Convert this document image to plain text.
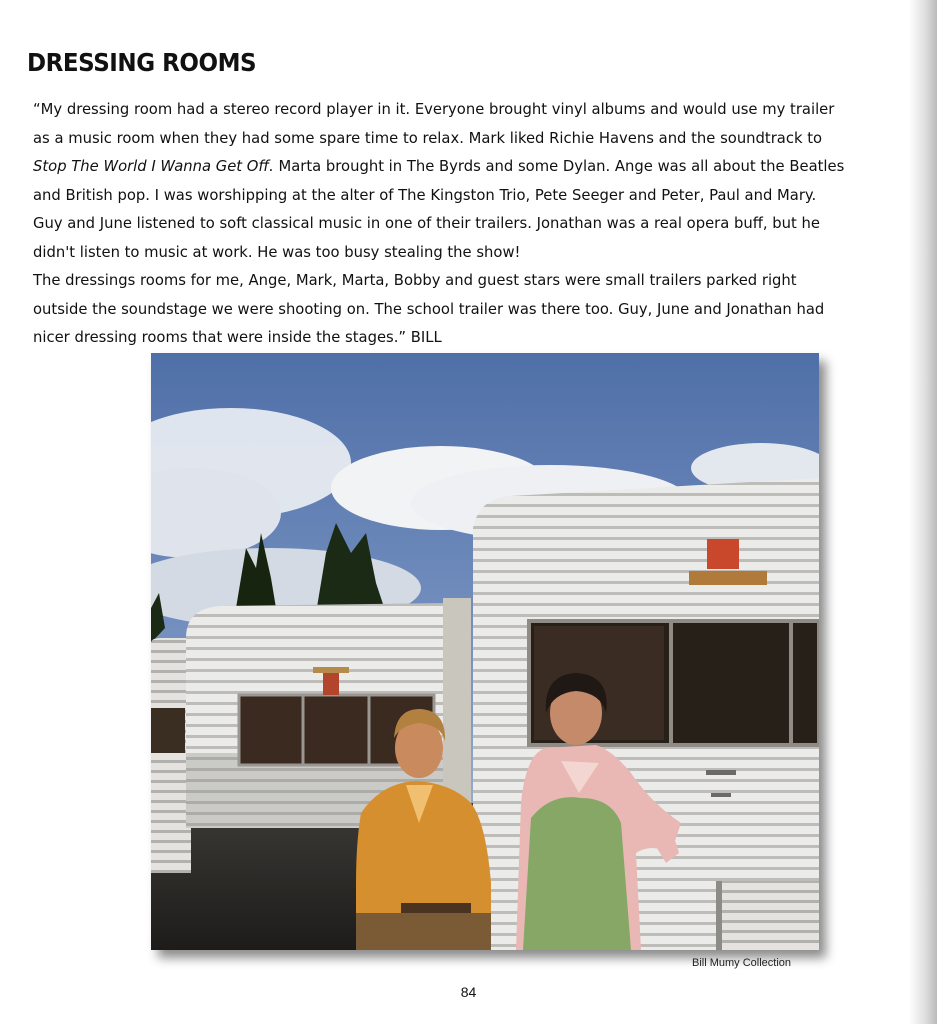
DRESSING ROOMS

“My dressing room had a stereo record player in it. Everyone brought vinyl albums and would use my trailer

as a music room when they had some spare time to relax. Mark liked Richie Havens and the soundtrack to

Stop The World I Wanna Get Off. Marta brought in The Byrds and some Dylan. Ange was all about the Beatles

and British pop. I was worshipping at the alter of The Kingston Trio, Pete Seeger and Peter, Paul and Mary.

Guy and June listened to soft classical music in one of their trailers. Jonathan was a real opera buff, but he

didn't listen to music at work. He was too busy stealing the show!

The dressings rooms for me, Ange, Mark, Marta, Bobby and guest stars were small trailers parked right

outside the soundstage we were shooting on. The school trailer was there too. Guy, June and Jonathan had

nicer dressing rooms that were inside the stages.” BILL

Bill Mumy Collection
84
